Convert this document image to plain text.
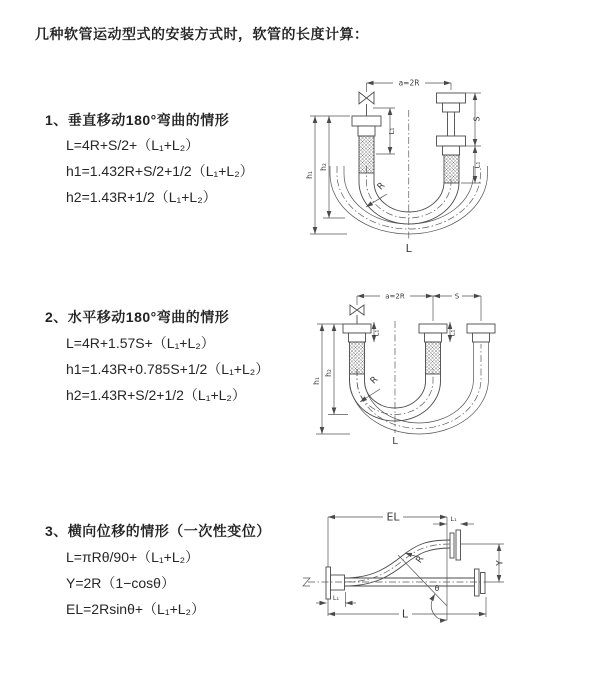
几种软管运动型式的安装方式时，软管的长度计算：
1、垂直移动180°弯曲的情形
L=4R+S/2+（L₁+L₂）
h1=1.432R+S/2+1/2（L₁+L₂）
h2=1.43R+1/2（L₁+L₂）
2、水平移动180°弯曲的情形
L=4R+1.57S+（L₁+L₂）
h1=1.43R+0.785S+1/2（L₁+L₂）
h2=1.43R+S/2+1/2（L₁+L₂）
3、横向位移的情形（一次性变位）
L=πRθ/90+（L₁+L₂）
Y=2R（1−cosθ）
EL=2Rsinθ+（L₁+L₂）
a=2R
L
R
h₁
h₂
L₁
S
L₁
a=2R	S
L
R
h₁
h₂
L₁	L₁
EL	L₁
θ
R	Y
L
L₁
